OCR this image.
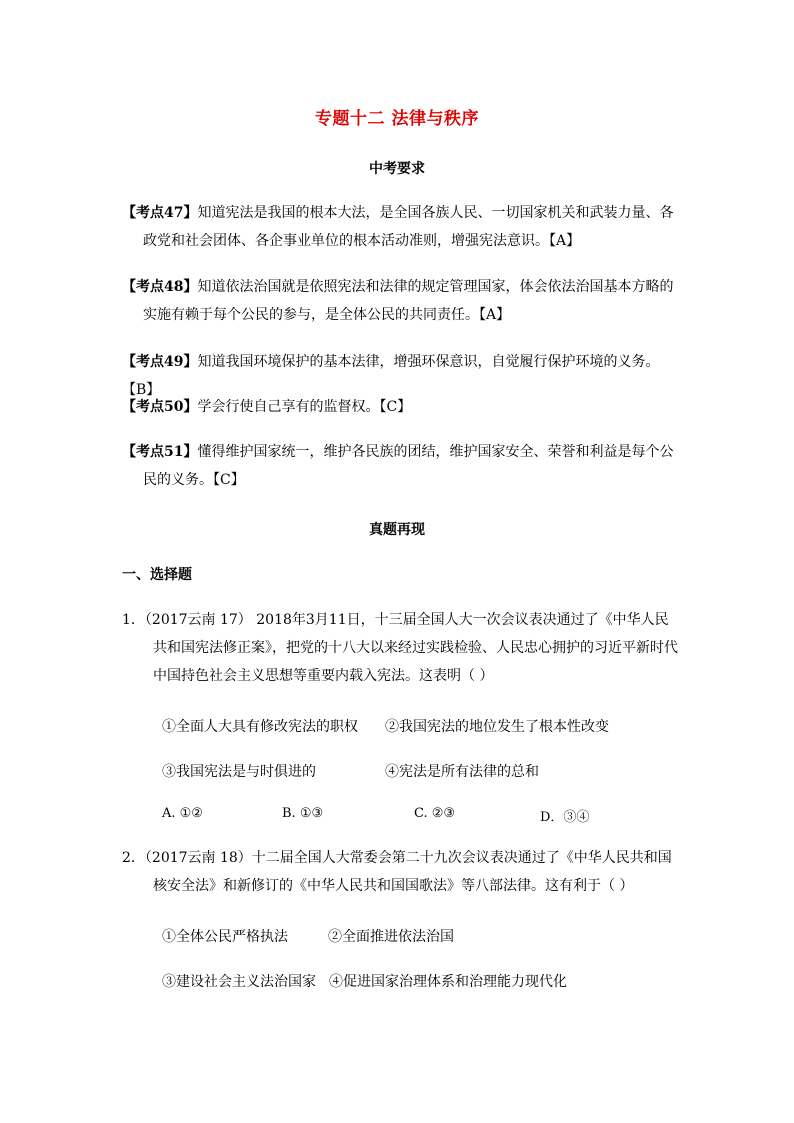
专题十二 法律与秩序
中考要求
【考点47】知道宪法是我国的根本大法，是全国各族人民、一切国家机关和武装力量、各
政党和社会团体、各企事业单位的根本活动准则，增强宪法意识。【A】
【考点48】知道依法治国就是依照宪法和法律的规定管理国家，体会依法治国基本方略的
实施有赖于每个公民的参与，是全体公民的共同责任。【A】
【考点49】知道我国环境保护的基本法律，增强环保意识，自觉履行保护环境的义务。【B】
【考点50】学会行使自己享有的监督权。【C】
【考点51】懂得维护国家统一，维护各民族的团结，维护国家安全、荣誉和利益是每个公
民的义务。【C】
真题再现
一、选择题
1．（2017云南 17） 2018年3月11日，十三届全国人大一次会议表决通过了《中华人民
共和国宪法修正案》，把党的十八大以来经过实践检验、人民忠心拥护的习近平新时代
中国持色社会主义思想等重要内载入宪法。这表明（ ）
①全面人大具有修改宪法的职权 ②我国宪法的地位发生了根本性改变
③我国宪法是与时俱进的	④宪法是所有法律的总和
A. ①②	B. ①③	C. ②③	D．③④
2．（2017云南 18）十二届全国人大常委会第二十九次会议表决通过了《中华人民共和国
核安全法》和新修订的《中华人民共和国国歌法》等八部法律。这有利于（ ）
①全体公民严格执法	②全面推进依法治国
③建设社会主义法治国家 ④促进国家治理体系和治理能力现代化
